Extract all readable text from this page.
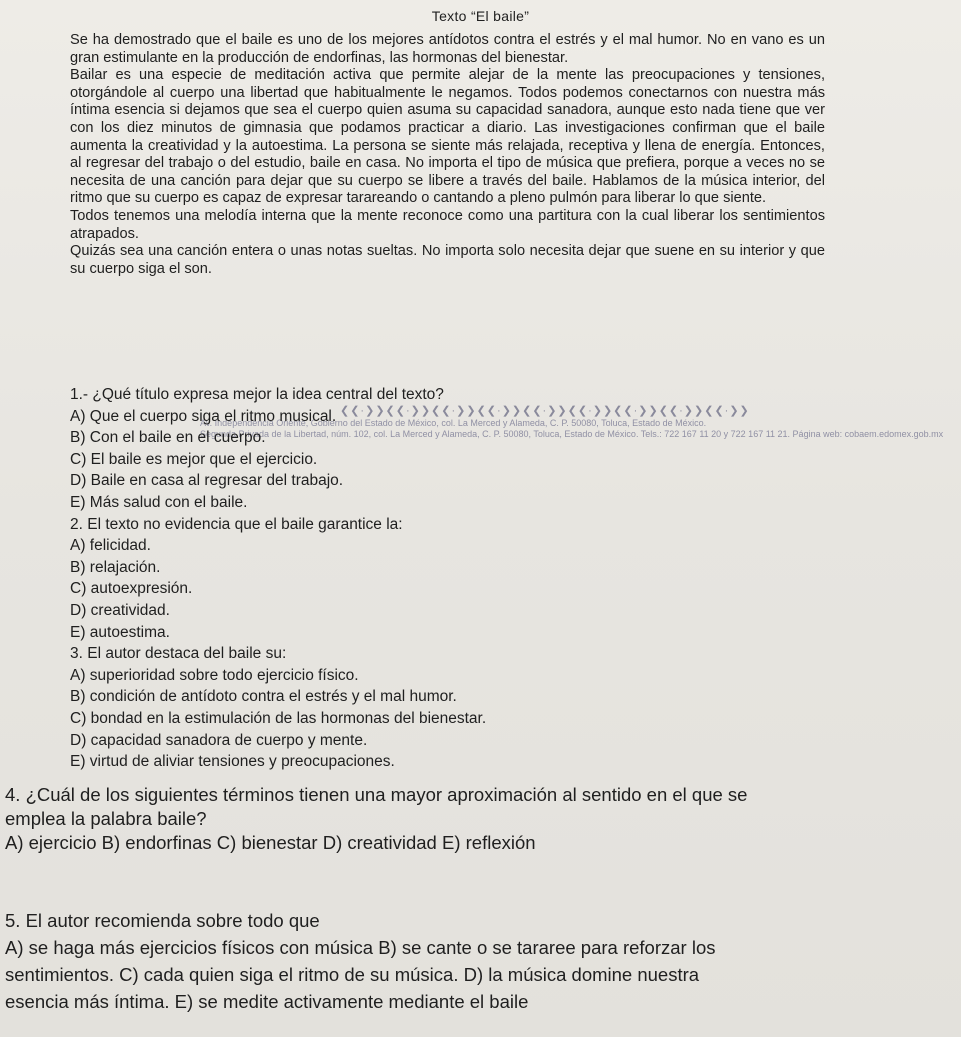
Texto “El baile”

Se ha demostrado que el baile es uno de los mejores antídotos contra el estrés y el mal humor. No en vano es un gran estimulante en la producción de endorfinas, las hormonas del bienestar.

Bailar es una especie de meditación activa que permite alejar de la mente las preocupaciones y tensiones, otorgándole al cuerpo una libertad que habitualmente le negamos. Todos podemos conectarnos con nuestra más íntima esencia si dejamos que sea el cuerpo quien asuma su capacidad sanadora, aunque esto nada tiene que ver con los diez minutos de gimnasia que podamos practicar a diario. Las investigaciones confirman que el baile aumenta la creatividad y la autoestima. La persona se siente más relajada, receptiva y llena de energía. Entonces, al regresar del trabajo o del estudio, baile en casa. No importa el tipo de música que prefiera, porque a veces no se necesita de una canción para dejar que su cuerpo se libere a través del baile. Hablamos de la música interior, del ritmo que su cuerpo es capaz de expresar tarareando o cantando a pleno pulmón para liberar lo que siente.

Todos tenemos una melodía interna que la mente reconoce como una partitura con la cual liberar los sentimientos atrapados.

Quizás sea una canción entera o unas notas sueltas. No importa solo necesita dejar que suene en su interior y que su cuerpo siga el son.

❮❮·❯❯❮❮·❯❯❮❮·❯❯❮❮·❯❯❮❮·❯❯❮❮·❯❯❮❮·❯❯❮❮·❯❯❮❮·❯❯
Av. Independencia Oriente, Gobierno del Estado de México, col. La Merced y Alameda, C. P. 50080, Toluca, Estado de México.
Segunda Privada de la Libertad, núm. 102, col. La Merced y Alameda, C. P. 50080, Toluca, Estado de México. Tels.: 722 167 11 20 y 722 167 11 21. Página web: cobaem.edomex.gob.mx
1.- ¿Qué título expresa mejor la idea central del texto?
A) Que el cuerpo siga el ritmo musical.
B) Con el baile en el cuerpo.
C) El baile es mejor que el ejercicio.
D) Baile en casa al regresar del trabajo.
E) Más salud con el baile.
2. El texto no evidencia que el baile garantice la:
A) felicidad.
B) relajación.
C) autoexpresión.
D) creatividad.
E) autoestima.
3. El autor destaca del baile su:
A) superioridad sobre todo ejercicio físico.
B) condición de antídoto contra el estrés y el mal humor.
C) bondad en la estimulación de las hormonas del bienestar.
D) capacidad sanadora de cuerpo y mente.
E) virtud de aliviar tensiones y preocupaciones.
4. ¿Cuál de los siguientes términos tienen una mayor aproximación al sentido en el que se
emplea la palabra baile?
A) ejercicio B) endorfinas C) bienestar D) creatividad E) reflexión
5. El autor recomienda sobre todo que
A) se haga más ejercicios físicos con música B) se cante o se tararee para reforzar los
sentimientos. C) cada quien siga el ritmo de su música. D) la música domine nuestra
esencia más íntima. E) se medite activamente mediante el baile
